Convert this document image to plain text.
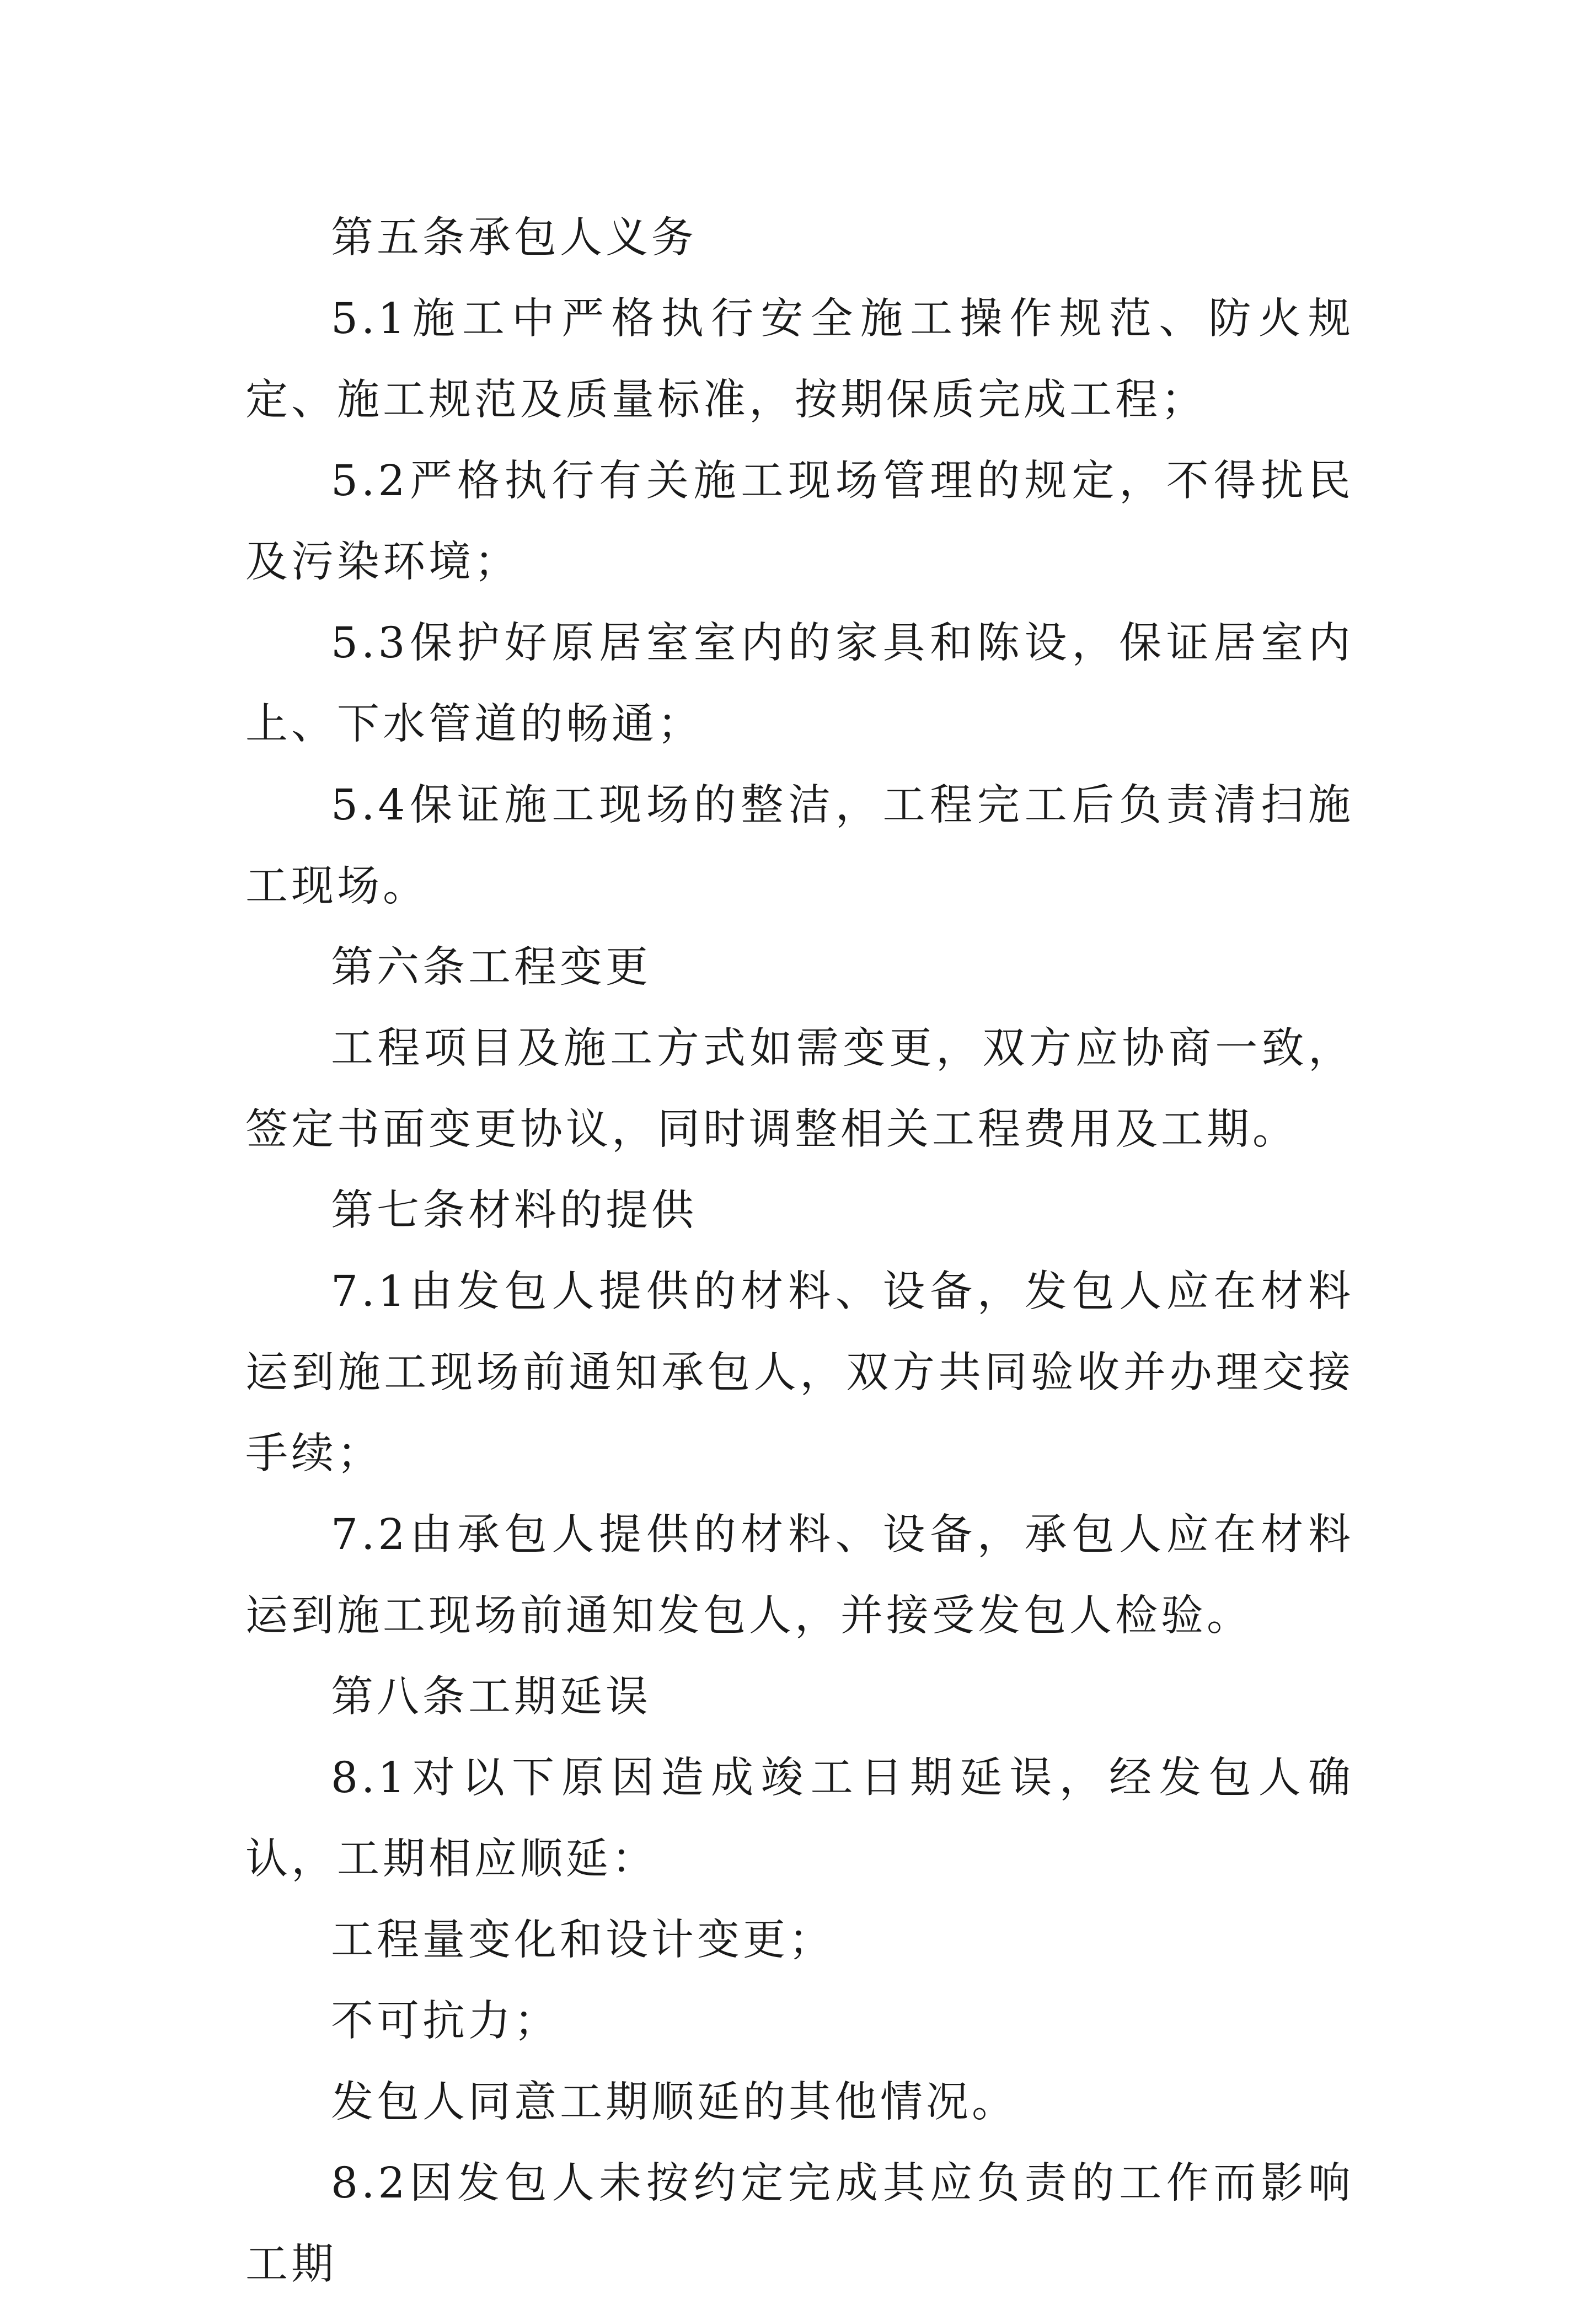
第五条承包人义务

5.1施工中严格执行安全施工操作规范、防火规定、施工规范及质量标准，按期保质完成工程；

5.2严格执行有关施工现场管理的规定，不得扰民及污染环境；

5.3保护好原居室室内的家具和陈设，保证居室内上、下水管道的畅通；

5.4保证施工现场的整洁，工程完工后负责清扫施工现场。

第六条工程变更

工程项目及施工方式如需变更，双方应协商一致，签定书面变更协议，同时调整相关工程费用及工期。

第七条材料的提供

7.1由发包人提供的材料、设备，发包人应在材料运到施工现场前通知承包人，双方共同验收并办理交接手续；

7.2由承包人提供的材料、设备，承包人应在材料运到施工现场前通知发包人，并接受发包人检验。

第八条工期延误

8.1对以下原因造成竣工日期延误，经发包人确认，工期相应顺延：

工程量变化和设计变更；

不可抗力；

发包人同意工期顺延的其他情况。

8.2因发包人未按约定完成其应负责的工作而影响工期
